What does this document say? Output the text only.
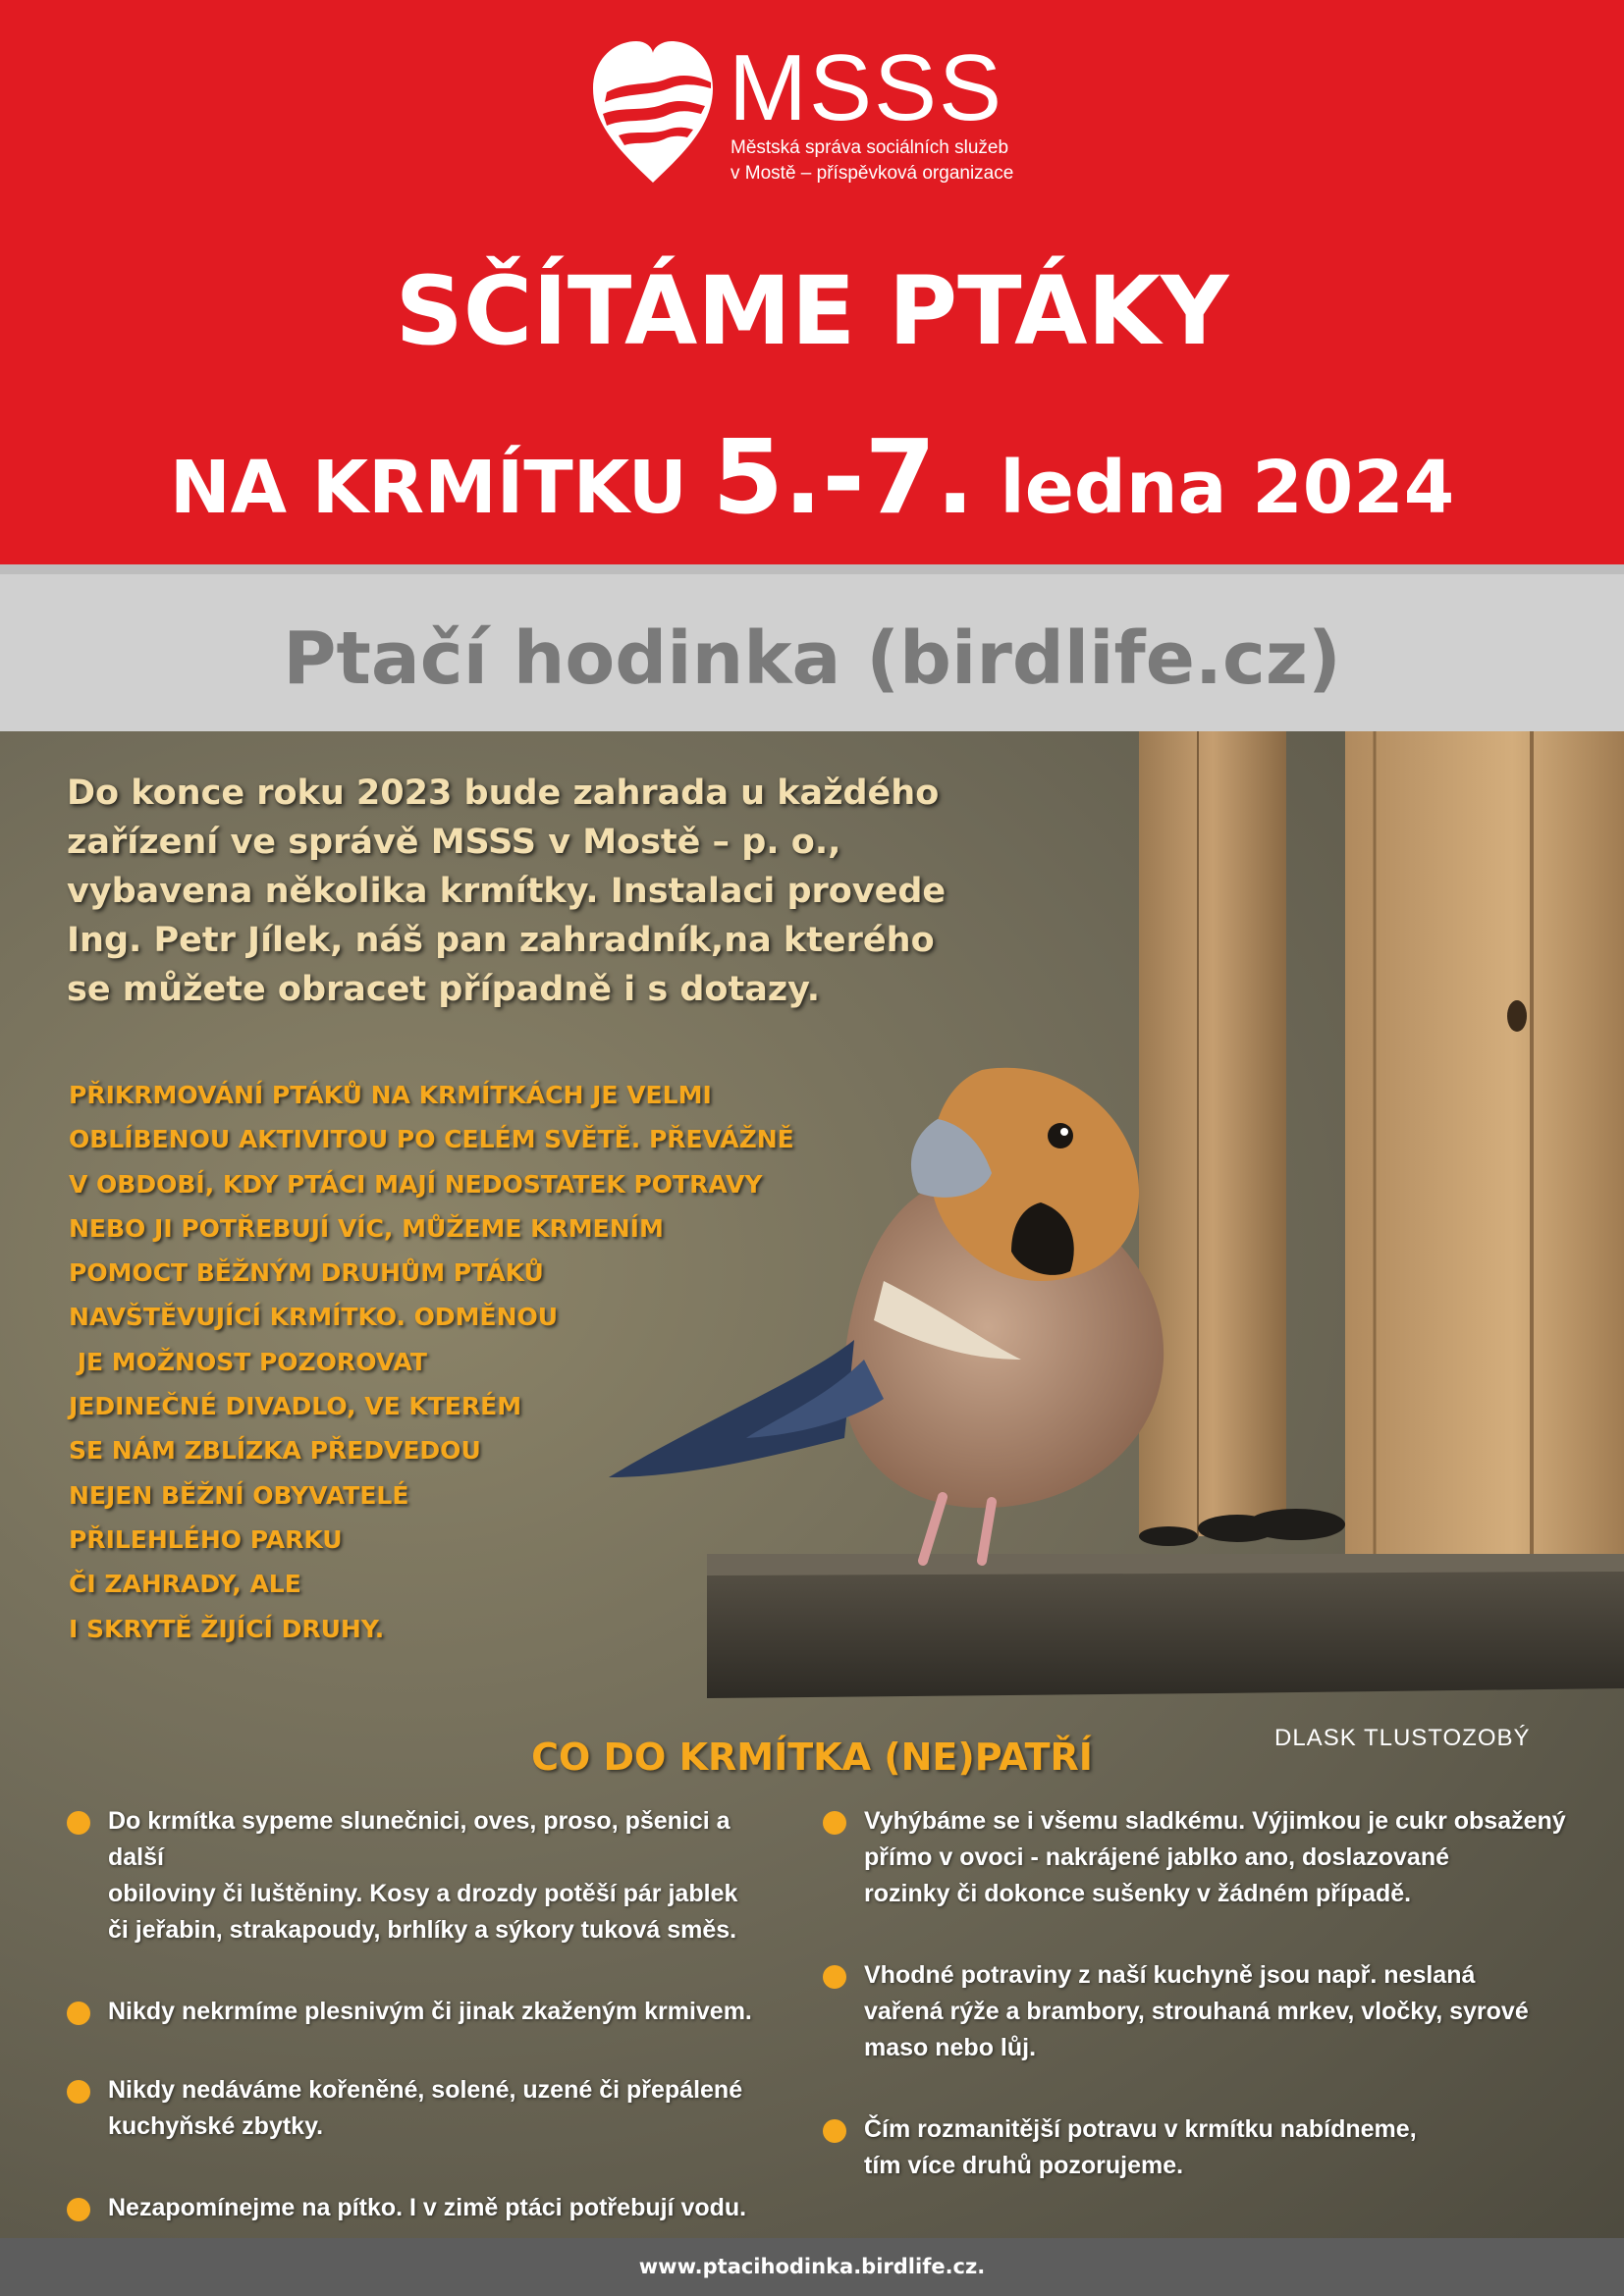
MSSS
Městská správa sociálních služeb
v Mostě – příspěvková organizace
SČÍTÁME PTÁKY
NA KRMÍTKU 5.-7. ledna 2024
Ptačí hodinka (birdlife.cz)
Do konce roku 2023 bude zahrada u každého
zařízení ve správě MSSS v Mostě – p. o.,
vybavena několika krmítky. Instalaci provede
Ing. Petr Jílek, náš pan zahradník,na kterého
se můžete obracet případně i s dotazy.
PŘIKRMOVÁNÍ PTÁKŮ NA KRMÍTKÁCH JE VELMI
OBLÍBENOU AKTIVITOU PO CELÉM SVĚTĚ. PŘEVÁŽNĚ
V OBDOBÍ, KDY PTÁCI MAJÍ NEDOSTATEK POTRAVY
NEBO JI POTŘEBUJÍ VÍC, MŮŽEME KRMENÍM
POMOCT BĚŽNÝM DRUHŮM PTÁKŮ
NAVŠTĚVUJÍCÍ KRMÍTKO. ODMĚNOU
JE MOŽNOST POZOROVAT
JEDINEČNÉ DIVADLO, VE KTERÉM
SE NÁM ZBLÍZKA PŘEDVEDOU
NEJEN BĚŽNÍ OBYVATELÉ
PŘILEHLÉHO PARKU
ČI ZAHRADY, ALE
I SKRYTĚ ŽIJÍCÍ DRUHY.
DLASK TLUSTOZOBÝ
CO DO KRMÍTKA (NE)PATŘÍ
Do krmítka sypeme slunečnici, oves, proso, pšenici a další
obiloviny či luštěniny. Kosy a drozdy potěší pár jablek
či jeřabin, strakapoudy, brhlíky a sýkory tuková směs.
Nikdy nekrmíme plesnivým či jinak zkaženým krmivem.
Nikdy nedáváme kořeněné, solené, uzené či přepálené
kuchyňské zbytky.
Nezapomínejme na pítko. I v zimě ptáci potřebují vodu.
Vyhýbáme se i všemu sladkému. Výjimkou je cukr obsažený
přímo v ovoci - nakrájené jablko ano, doslazované
rozinky či dokonce sušenky v žádném případě.
Vhodné potraviny z naší kuchyně jsou např. neslaná
vařená rýže a brambory, strouhaná mrkev, vločky, syrové
maso nebo lůj.
Čím rozmanitější potravu v krmítku nabídneme,
tím více druhů pozorujeme.
www.ptacihodinka.birdlife.cz.
